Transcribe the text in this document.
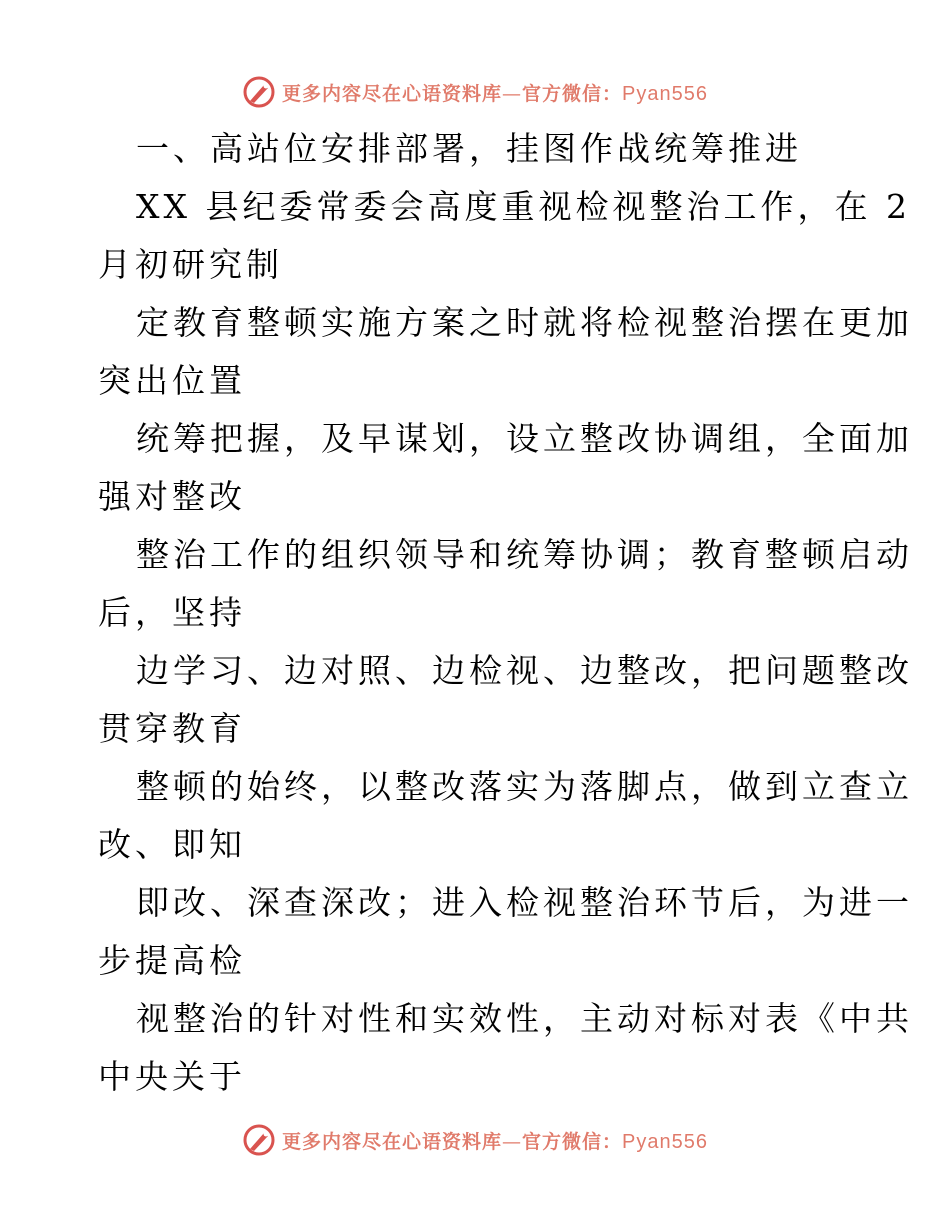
更多内容尽在心语资料库—官方微信：Pyan556
一、高站位安排部署，挂图作战统筹推进
XX 县纪委常委会高度重视检视整治工作，在 2
月初研究制
定教育整顿实施方案之时就将检视整治摆在更加
突出位置
统筹把握，及早谋划，设立整改协调组，全面加
强对整改
整治工作的组织领导和统筹协调；教育整顿启动
后，坚持
边学习、边对照、边检视、边整改，把问题整改
贯穿教育
整顿的始终，以整改落实为落脚点，做到立查立
改、即知
即改、深查深改；进入检视整治环节后，为进一
步提高检
视整治的针对性和实效性，主动对标对表《中共
中央关于
更多内容尽在心语资料库—官方微信：Pyan556
